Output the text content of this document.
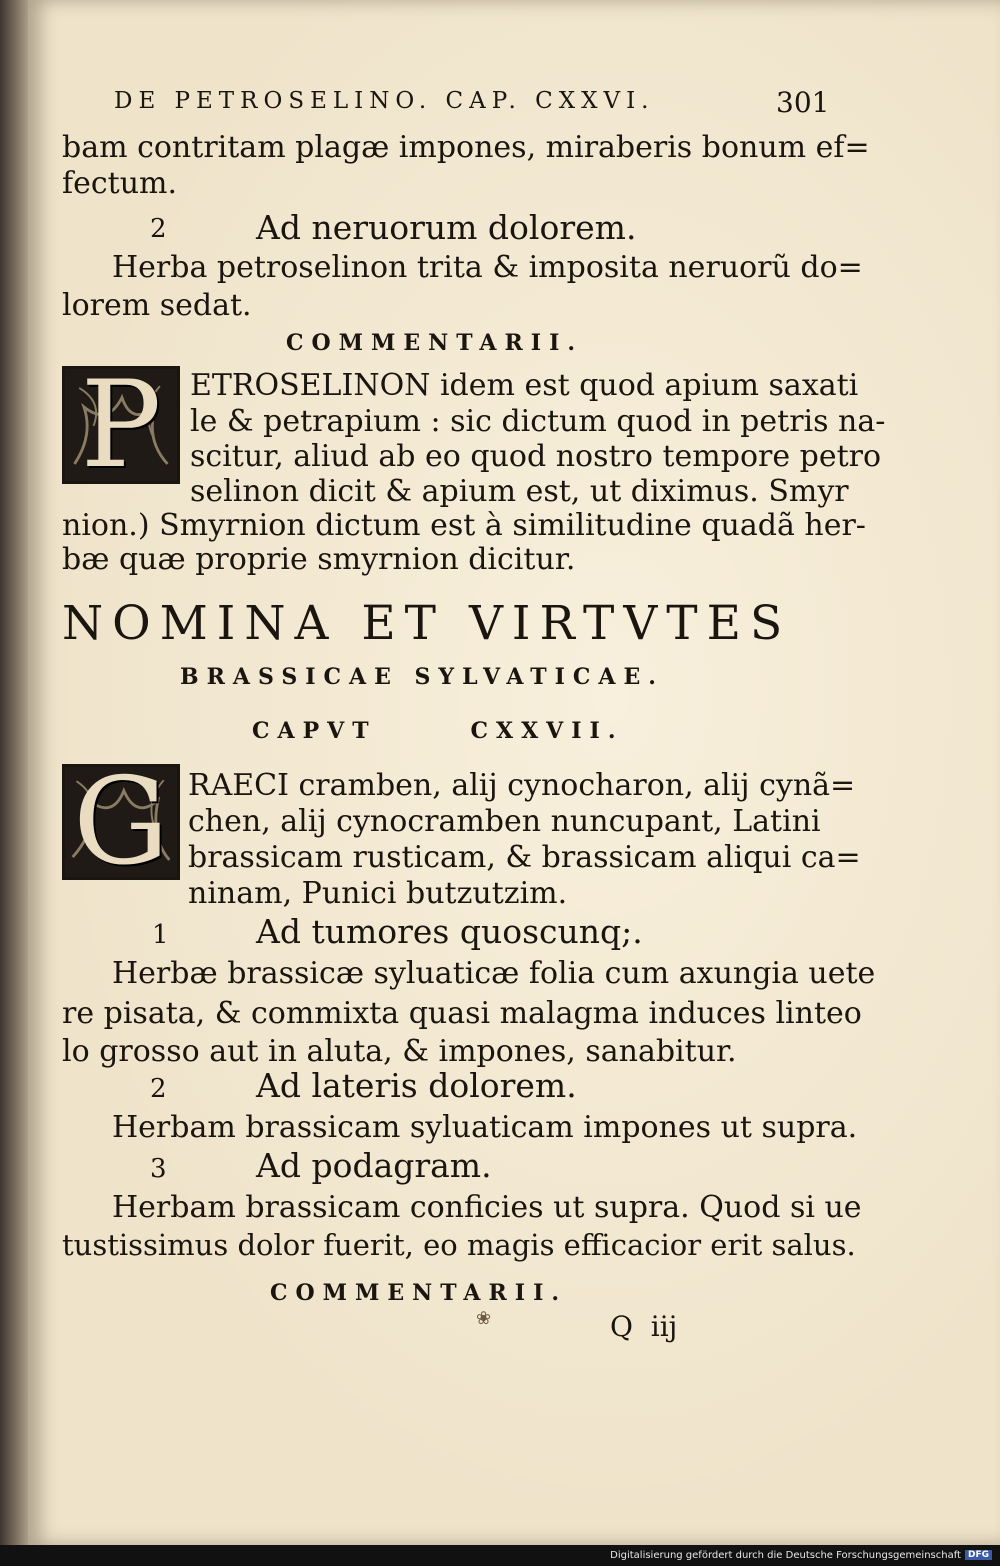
DE PETROSELINO. CAP. CXXVI.	301
bam contritam plagæ impones, miraberis bonum ef=
fectum.
2	Ad neruorum dolorem.
Herba petroselinon trita & imposita neruorũ do=
lorem sedat.
COMMENTARII.
P ETROSELINON idem est quod apium saxati
le & petrapium : sic dictum quod in petris na-
scitur, aliud ab eo quod nostro tempore petro
selinon dicit & apium est, ut diximus. Smyr
nion.) Smyrnion dictum est à similitudine quadã her-
bæ quæ proprie smyrnion dicitur.
NOMINA ET VIRTVTES
BRASSICAE SYLVATICAE.
CAPVT      CXXVII.
G RAECI cramben, alij cynocharon, alij cynã=
chen, alij cynocramben nuncupant, Latini
brassicam rusticam, & brassicam aliqui ca=
ninam, Punici butzutzim.
1	Ad tumores quoscunq;.
Herbæ brassicæ syluaticæ folia cum axungia uete
re pisata, & commixta quasi malagma induces linteo
lo grosso aut in aluta, & impones, sanabitur.
2	Ad lateris dolorem.
Herbam brassicam syluaticam impones ut supra.
3	Ad podagram.
Herbam brassicam conficies ut supra. Quod si ue
tustissimus dolor fuerit, eo magis efficacior erit salus.
COMMENTARII.
❀	Q  iij
Digitalisierung gefördert durch die Deutsche Forschungsgemeinschaft DFG
